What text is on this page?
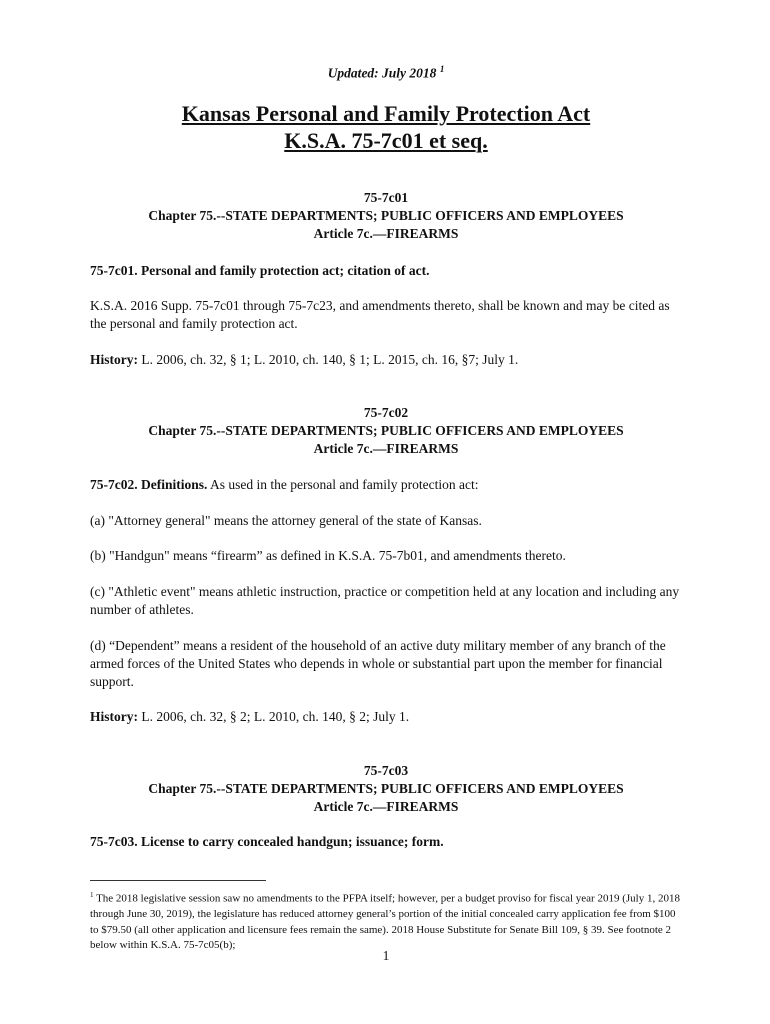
Updated: July 2018 $^1$
Kansas Personal and Family Protection Act
K.S.A. 75-7c01 et seq.
75-7c01
Chapter 75.--STATE DEPARTMENTS; PUBLIC OFFICERS AND EMPLOYEES
Article 7c.—FIREARMS
75-7c01. Personal and family protection act; citation of act.

K.S.A. 2016 Supp. 75-7c01 through 75-7c23, and amendments thereto, shall be known and may be cited as the personal and family protection act.

History: L. 2006, ch. 32, § 1; L. 2010, ch. 140, § 1; L. 2015, ch. 16, §7; July 1.
75-7c02
Chapter 75.--STATE DEPARTMENTS; PUBLIC OFFICERS AND EMPLOYEES
Article 7c.—FIREARMS
75-7c02. Definitions. As used in the personal and family protection act:

(a) "Attorney general" means the attorney general of the state of Kansas.

(b) "Handgun" means “firearm” as defined in K.S.A. 75-7b01, and amendments thereto.

(c) "Athletic event" means athletic instruction, practice or competition held at any location and including any number of athletes.

(d) “Dependent” means a resident of the household of an active duty military member of any branch of the armed forces of the United States who depends in whole or substantial part upon the member for financial support.

History: L. 2006, ch. 32, § 2; L. 2010, ch. 140, § 2; July 1.
75-7c03
Chapter 75.--STATE DEPARTMENTS; PUBLIC OFFICERS AND EMPLOYEES
Article 7c.—FIREARMS
75-7c03. License to carry concealed handgun; issuance; form.
$^1$ The 2018 legislative session saw no amendments to the PFPA itself; however, per a budget proviso for fiscal year 2019 (July 1, 2018 through June 30, 2019), the legislature has reduced attorney general’s portion of the initial concealed carry application fee from $100 to $79.50 (all other application and licensure fees remain the same). 2018 House Substitute for Senate Bill 109, § 39. See footnote 2 below within K.S.A. 75-7c05(b);
1
